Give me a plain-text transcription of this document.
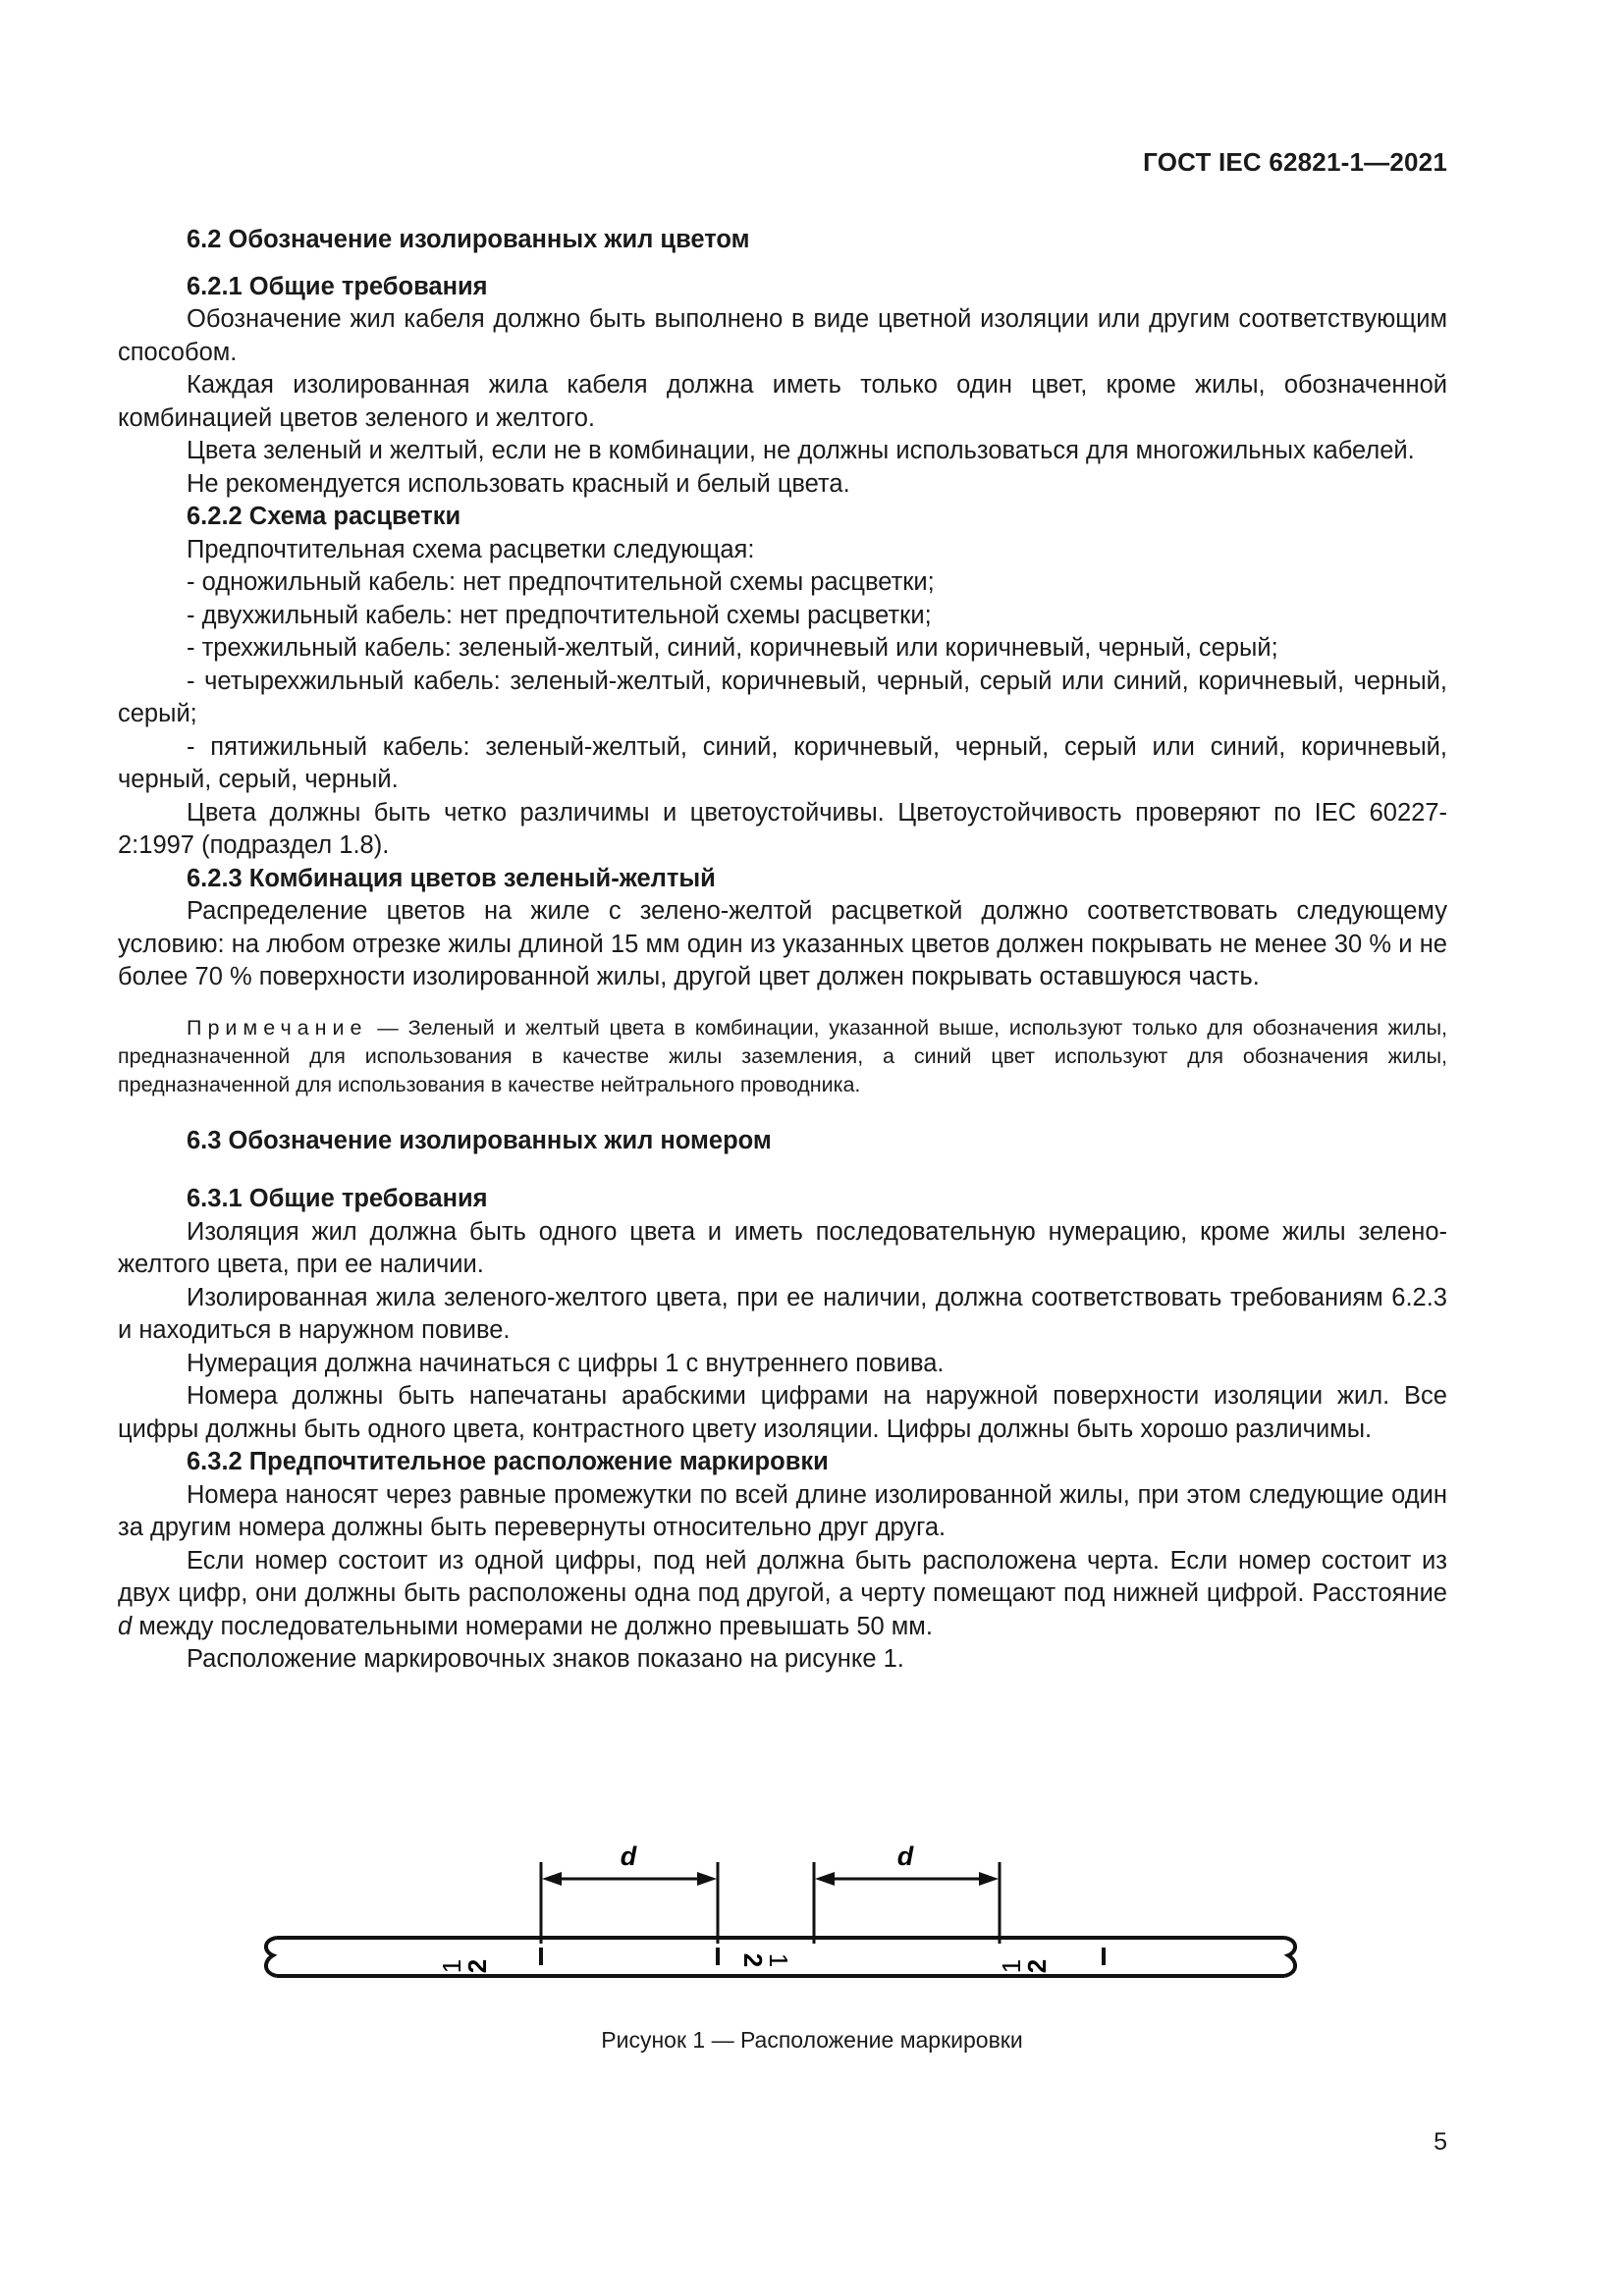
ГОСТ IEC 62821-1—2021

6.2 Обозначение изолированных жил цветом

6.2.1 Общие требования

Обозначение жил кабеля должно быть выполнено в виде цветной изоляции или другим соответствующим способом.

Каждая изолированная жила кабеля должна иметь только один цвет, кроме жилы, обозначенной комбинацией цветов зеленого и желтого.

Цвета зеленый и желтый, если не в комбинации, не должны использоваться для многожильных кабелей.

Не рекомендуется использовать красный и белый цвета.

6.2.2 Схема расцветки

Предпочтительная схема расцветки следующая:

- одножильный кабель: нет предпочтительной схемы расцветки;

- двухжильный кабель: нет предпочтительной схемы расцветки;

- трехжильный кабель: зеленый-желтый, синий, коричневый или коричневый, черный, серый;

- четырехжильный кабель: зеленый-желтый, коричневый, черный, серый или синий, коричневый, черный, серый;

- пятижильный кабель: зеленый-желтый, синий, коричневый, черный, серый или синий, коричневый, черный, серый, черный.

Цвета должны быть четко различимы и цветоустойчивы. Цветоустойчивость проверяют по IEC 60227-2:1997 (подраздел 1.8).

6.2.3 Комбинация цветов зеленый-желтый

Распределение цветов на жиле с зелено-желтой расцветкой должно соответствовать следующему условию: на любом отрезке жилы длиной 15 мм один из указанных цветов должен покрывать не менее 30 % и не более 70 % поверхности изолированной жилы, другой цвет должен покрывать оставшуюся часть.

Примечание — Зеленый и желтый цвета в комбинации, указанной выше, используют только для обозначения жилы, предназначенной для использования в качестве жилы заземления, а синий цвет используют для обозначения жилы, предназначенной для использования в качестве нейтрального проводника.

6.3 Обозначение изолированных жил номером

6.3.1 Общие требования

Изоляция жил должна быть одного цвета и иметь последовательную нумерацию, кроме жилы зелено-желтого цвета, при ее наличии.

Изолированная жила зеленого-желтого цвета, при ее наличии, должна соответствовать требованиям 6.2.3 и находиться в наружном повиве.

Нумерация должна начинаться с цифры 1 с внутреннего повива.

Номера должны быть напечатаны арабскими цифрами на наружной поверхности изоляции жил. Все цифры должны быть одного цвета, контрастного цвету изоляции. Цифры должны быть хорошо различимы.

6.3.2 Предпочтительное расположение маркировки

Номера наносят через равные промежутки по всей длине изолированной жилы, при этом следующие один за другим номера должны быть перевернуты относительно друг друга.

Если номер состоит из одной цифры, под ней должна быть расположена черта. Если номер состоит из двух цифр, они должны быть расположены одна под другой, а черту помещают под нижней цифрой. Расстояние d между последовательными номерами не должно превышать 50 мм.

Расположение маркировочных знаков показано на рисунке 1.

d	d
1
2	1
2	1
2
Рисунок 1 — Расположение маркировки
5
